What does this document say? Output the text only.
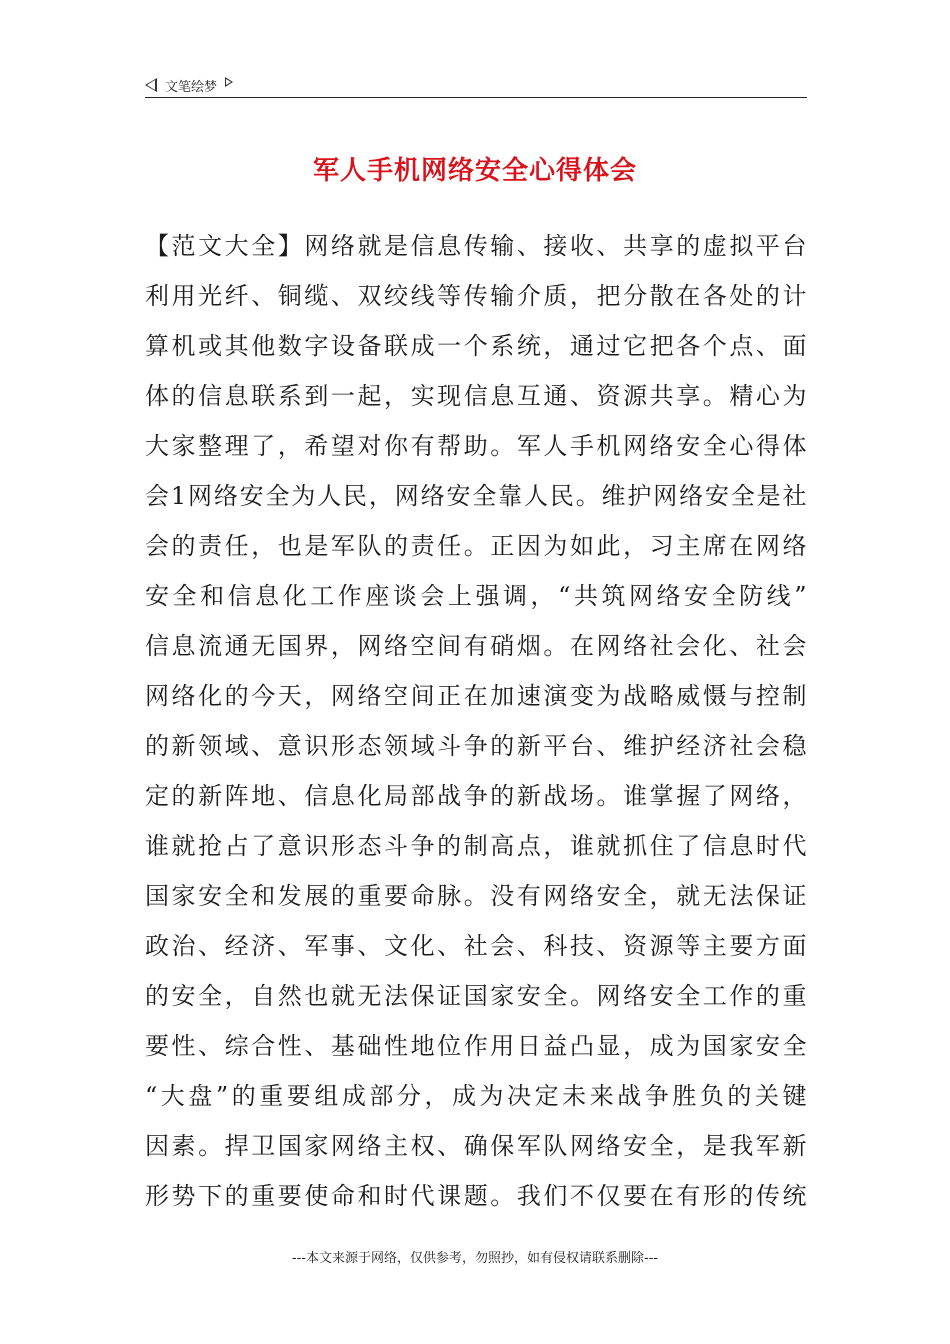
文笔绘梦
军人手机网络安全心得体会
【范文大全】网络就是信息传输、接收、共享的虚拟平台
利用光纤、铜缆、双绞线等传输介质，把分散在各处的计
算机或其他数字设备联成一个系统，通过它把各个点、面
体的信息联系到一起，实现信息互通、资源共享。精心为
大家整理了，希望对你有帮助。军人手机网络安全心得体
会1网络安全为人民，网络安全靠人民。维护网络安全是社
会的责任，也是军队的责任。正因为如此，习主席在网络
安全和信息化工作座谈会上强调，“共筑网络安全防线”
信息流通无国界，网络空间有硝烟。在网络社会化、社会
网络化的今天，网络空间正在加速演变为战略威慑与控制
的新领域、意识形态领域斗争的新平台、维护经济社会稳
定的新阵地、信息化局部战争的新战场。谁掌握了网络，
谁就抢占了意识形态斗争的制高点，谁就抓住了信息时代
国家安全和发展的重要命脉。没有网络安全，就无法保证
政治、经济、军事、文化、社会、科技、资源等主要方面
的安全，自然也就无法保证国家安全。网络安全工作的重
要性、综合性、基础性地位作用日益凸显，成为国家安全
“大盘”的重要组成部分，成为决定未来战争胜负的关键
因素。捍卫国家网络主权、确保军队网络安全，是我军新
形势下的重要使命和时代课题。我们不仅要在有形的传统
---本文来源于网络，仅供参考，勿照抄，如有侵权请联系删除---
